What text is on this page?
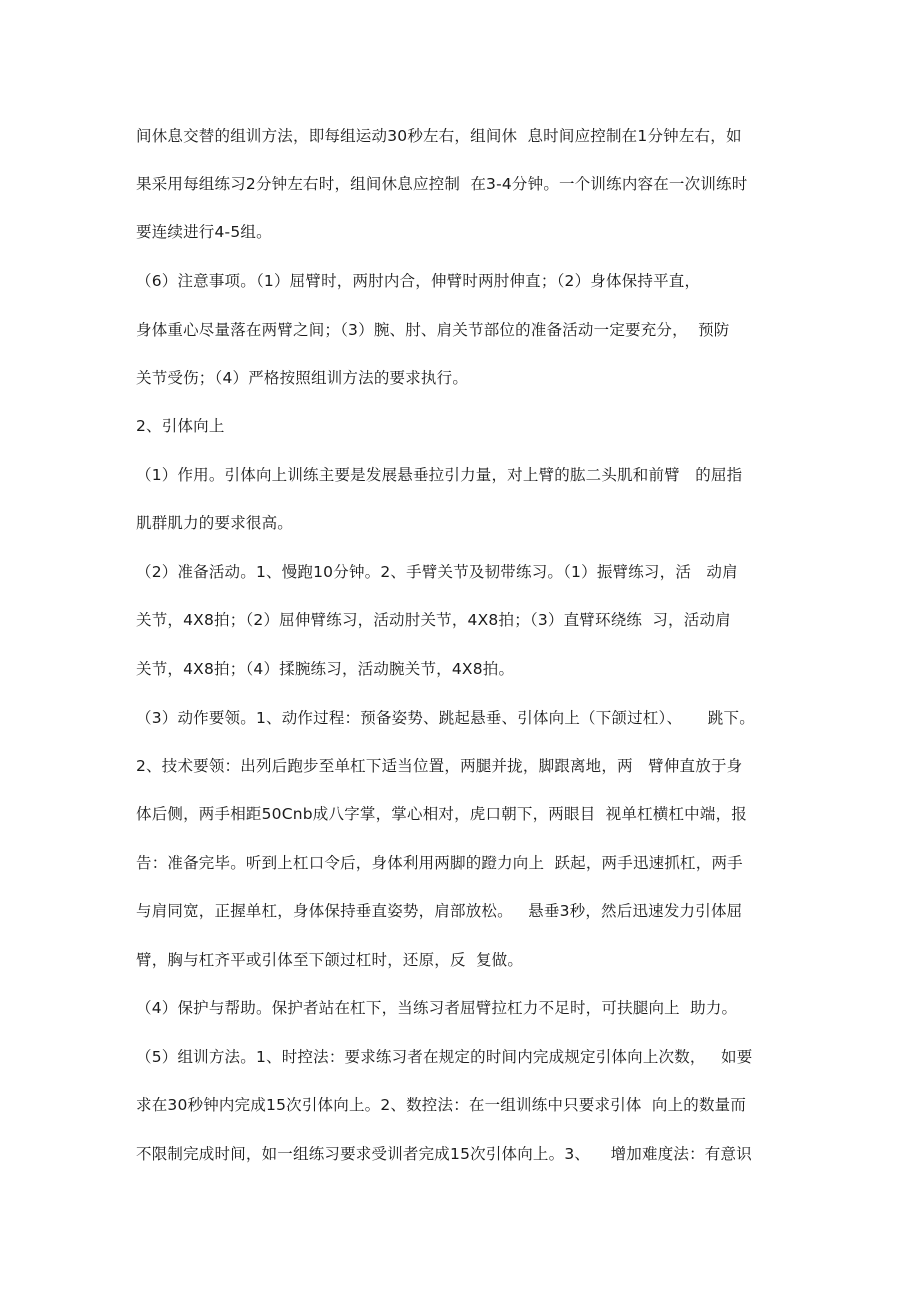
间休息交替的组训方法，即每组运动30秒左右，组间休  息时间应控制在1分钟左右，如

果采用每组练习2分钟左右时，组间休息应控制  在3-4分钟。一个训练内容在一次训练时

要连续进行4-5组。

（6）注意事项。（1）屈臂时，两肘内合，伸臂时两肘伸直；（2）身体保持平直，

身体重心尽量落在两臂之间；（3）腕、肘、肩关节部位的准备活动一定要充分，  预防

关节受伤；（4）严格按照组训方法的要求执行。

2、引体向上

（1）作用。引体向上训练主要是发展悬垂拉引力量，对上臂的肱二头肌和前臂   的屈指

肌群肌力的要求很高。

（2）准备活动。1、慢跑10分钟。2、手臂关节及韧带练习。（1）振臂练习，活   动肩

关节，4X8拍；（2）屈伸臂练习，活动肘关节，4X8拍；（3）直臂环绕练  习，活动肩

关节，4X8拍；（4）揉腕练习，活动腕关节，4X8拍。

（3）动作要领。1、动作过程：预备姿势、跳起悬垂、引体向上（下颌过杠）、     跳下。

2、技术要领：出列后跑步至单杠下适当位置，两腿并拢，脚跟离地，两   臂伸直放于身

体后侧，两手相距50Cnb成八字掌，掌心相对，虎口朝下，两眼目  视单杠横杠中端，报

告：准备完毕。听到上杠口令后，身体利用两脚的蹬力向上  跃起，两手迅速抓杠，两手

与肩同宽，正握单杠，身体保持垂直姿势，肩部放松。   悬垂3秒，然后迅速发力引体屈

臂，胸与杠齐平或引体至下颌过杠时，还原，反  复做。

（4）保护与帮助。保护者站在杠下，当练习者屈臂拉杠力不足时，可扶腿向上  助力。

（5）组训方法。1、时控法：要求练习者在规定的时间内完成规定引体向上次数，   如要

求在30秒钟内完成15次引体向上。2、数控法：在一组训练中只要求引体  向上的数量而

不限制完成时间，如一组练习要求受训者完成15次引体向上。3、    增加难度法：有意识
